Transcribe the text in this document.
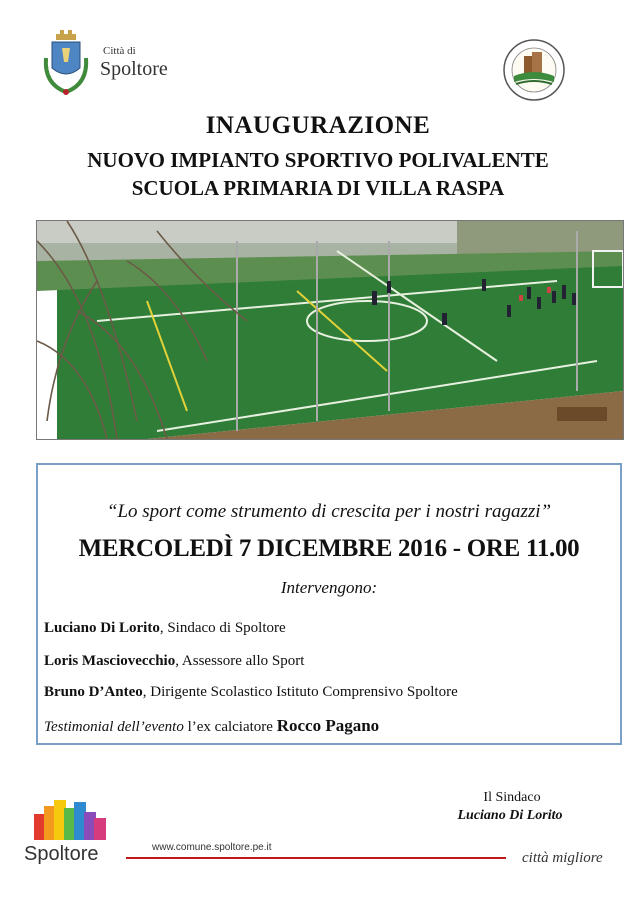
Città di
Spoltore
INAUGURAZIONE
NUOVO IMPIANTO SPORTIVO POLIVALENTE
SCUOLA PRIMARIA DI VILLA RASPA
“Lo sport come strumento di crescita per i nostri ragazzi”
MERCOLEDÌ 7 DICEMBRE 2016 - ORE 11.00
Intervengono:
Luciano Di Lorito, Sindaco di Spoltore
Loris Masciovecchio, Assessore allo Sport
Bruno D’Anteo, Dirigente Scolastico Istituto Comprensivo Spoltore
Testimonial dell’evento l’ex calciatore Rocco Pagano
Il Sindaco
Luciano Di Lorito
Spoltore	www.comune.spoltore.pe.it
città migliore
